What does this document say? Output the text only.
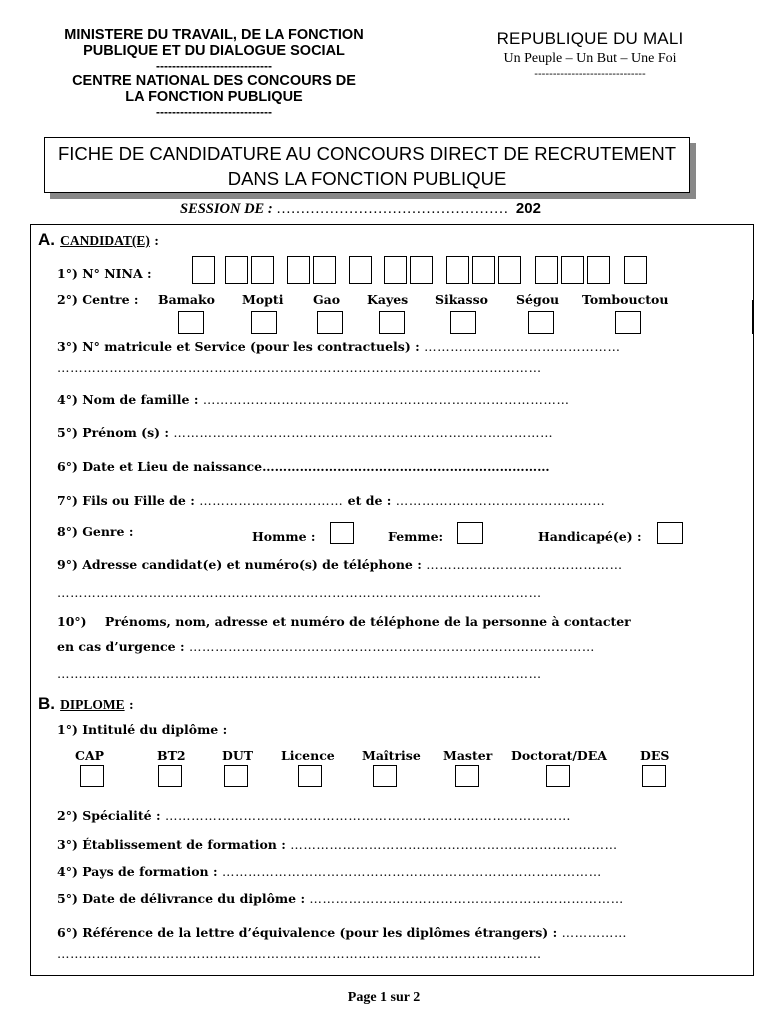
MINISTERE DU TRAVAIL, DE LA FONCTION
PUBLIQUE ET DU DIALOGUE SOCIAL
-----------------------------
CENTRE NATIONAL DES CONCOURS DE
LA FONCTION PUBLIQUE
-----------------------------
REPUBLIQUE DU MALI
Un Peuple – Un But – Une Foi
------------------------------
FICHE DE CANDIDATURE AU CONCOURS DIRECT DE RECRUTEMENT
DANS LA FONCTION PUBLIQUE
SESSION DE : ………………………………………… 202
A. CANDIDAT(E) :
1°) N° NINA :
2°) Centre : Bamako Mopti Gao Kayes Sikasso Ségou Tombouctou
3°) N° matricule et Service (pour les contractuels) : ………………………………………
…………………………………………………………………………………………………
4°) Nom de famille : …………………………………………………………………………
5°) Prénom (s) : ……………………………………………………………………………
6°) Date et Lieu de naissance……………………………………………………………
7°) Fils ou Fille de : …………………………… et de : …………………………………………
8°) Genre :	Homme :	Femme:	Handicapé(e) :
9°) Adresse candidat(e) et numéro(s) de téléphone : ………………………………………
…………………………………………………………………………………………………
10°) Prénoms, nom, adresse et numéro de téléphone de la personne à contacter
en cas d’urgence : …………………………………………………………………………………
…………………………………………………………………………………………………
B. DIPLOME :
1°) Intitulé du diplôme :
CAP	BT2	DUT Licence Maîtrise Master Doctorat/DEA	DES
2°) Spécialité : …………………………………………………………………………………
3°) Établissement de formation : …………………………………………………………………
4°) Pays de formation : ……………………………………………………………………………
5°) Date de délivrance du diplôme : ………………………………………………………………
6°) Référence de la lettre d’équivalence (pour les diplômes étrangers) : ……………
…………………………………………………………………………………………………
Page 1 sur 2
